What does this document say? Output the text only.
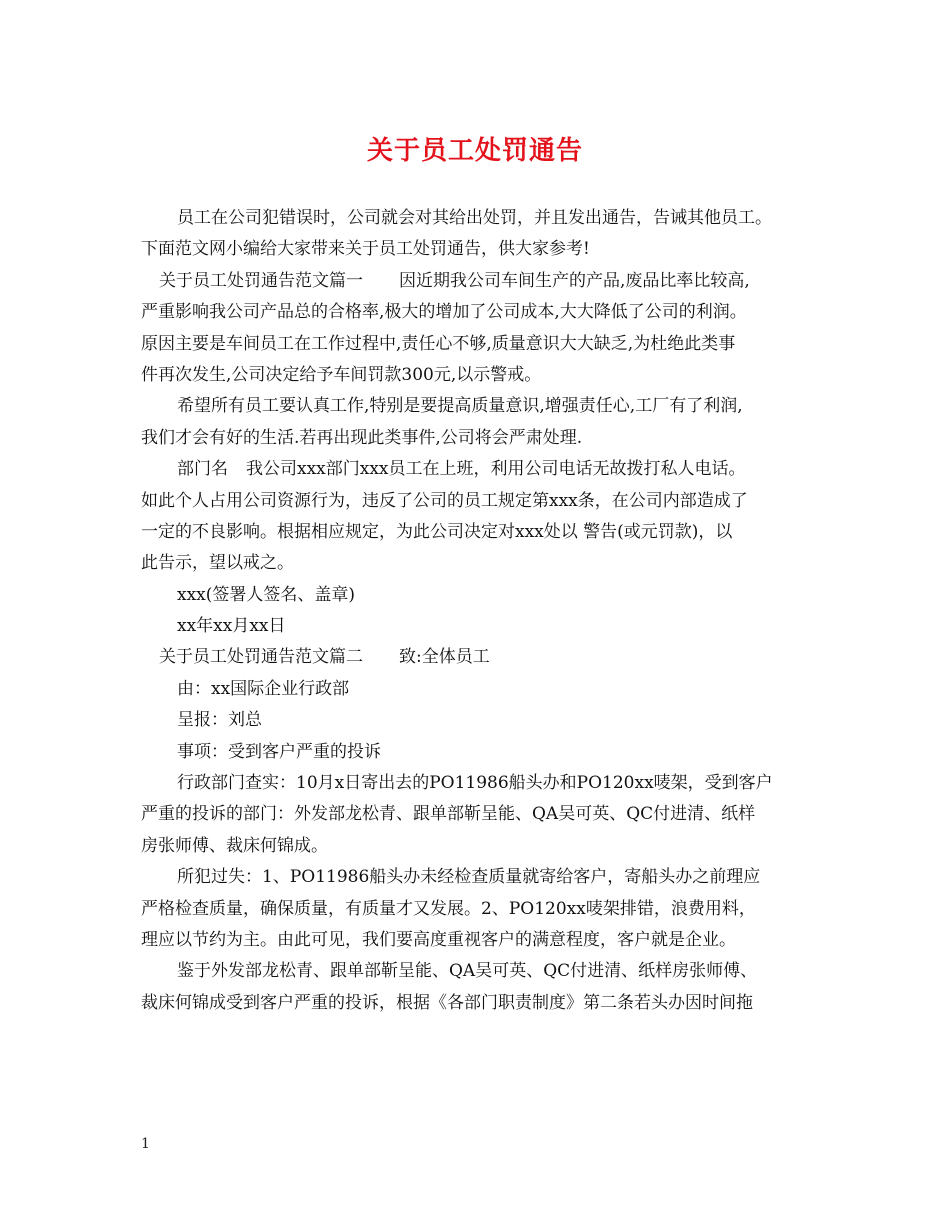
关于员工处罚通告
员工在公司犯错误时，公司就会对其给出处罚，并且发出通告，告诫其他员工。
下面范文网小编给大家带来关于员工处罚通告，供大家参考!
关于员工处罚通告范文篇一 因近期我公司车间生产的产品,废品比率比较高,
严重影响我公司产品总的合格率,极大的增加了公司成本,大大降低了公司的利润。
原因主要是车间员工在工作过程中,责任心不够,质量意识大大缺乏,为杜绝此类事
件再次发生,公司决定给予车间罚款300元,以示警戒。
希望所有员工要认真工作,特别是要提高质量意识,增强责任心,工厂有了利润,
我们才会有好的生活.若再出现此类事件,公司将会严肃处理.
部门名 我公司xxx部门xxx员工在上班，利用公司电话无故拨打私人电话。
如此个人占用公司资源行为，违反了公司的员工规定第xxx条，在公司内部造成了
一定的不良影响。根据相应规定，为此公司决定对xxx处以 警告(或元罚款)，以
此告示，望以戒之。
xxx(签署人签名、盖章)
xx年xx月xx日
关于员工处罚通告范文篇二 致:全体员工
由：xx国际企业行政部
呈报：刘总
事项：受到客户严重的投诉
行政部门查实：10月x日寄出去的PO11986船头办和PO120xx唛架，受到客户
严重的投诉的部门：外发部龙松青、跟单部靳呈能、QA吴可英、QC付进清、纸样
房张师傅、裁床何锦成。
所犯过失：1、PO11986船头办未经检查质量就寄给客户，寄船头办之前理应
严格检查质量，确保质量，有质量才又发展。2、PO120xx唛架排错，浪费用料，
理应以节约为主。由此可见，我们要高度重视客户的满意程度，客户就是企业。
鉴于外发部龙松青、跟单部靳呈能、QA吴可英、QC付进清、纸样房张师傅、
裁床何锦成受到客户严重的投诉，根据《各部门职责制度》第二条若头办因时间拖
1
